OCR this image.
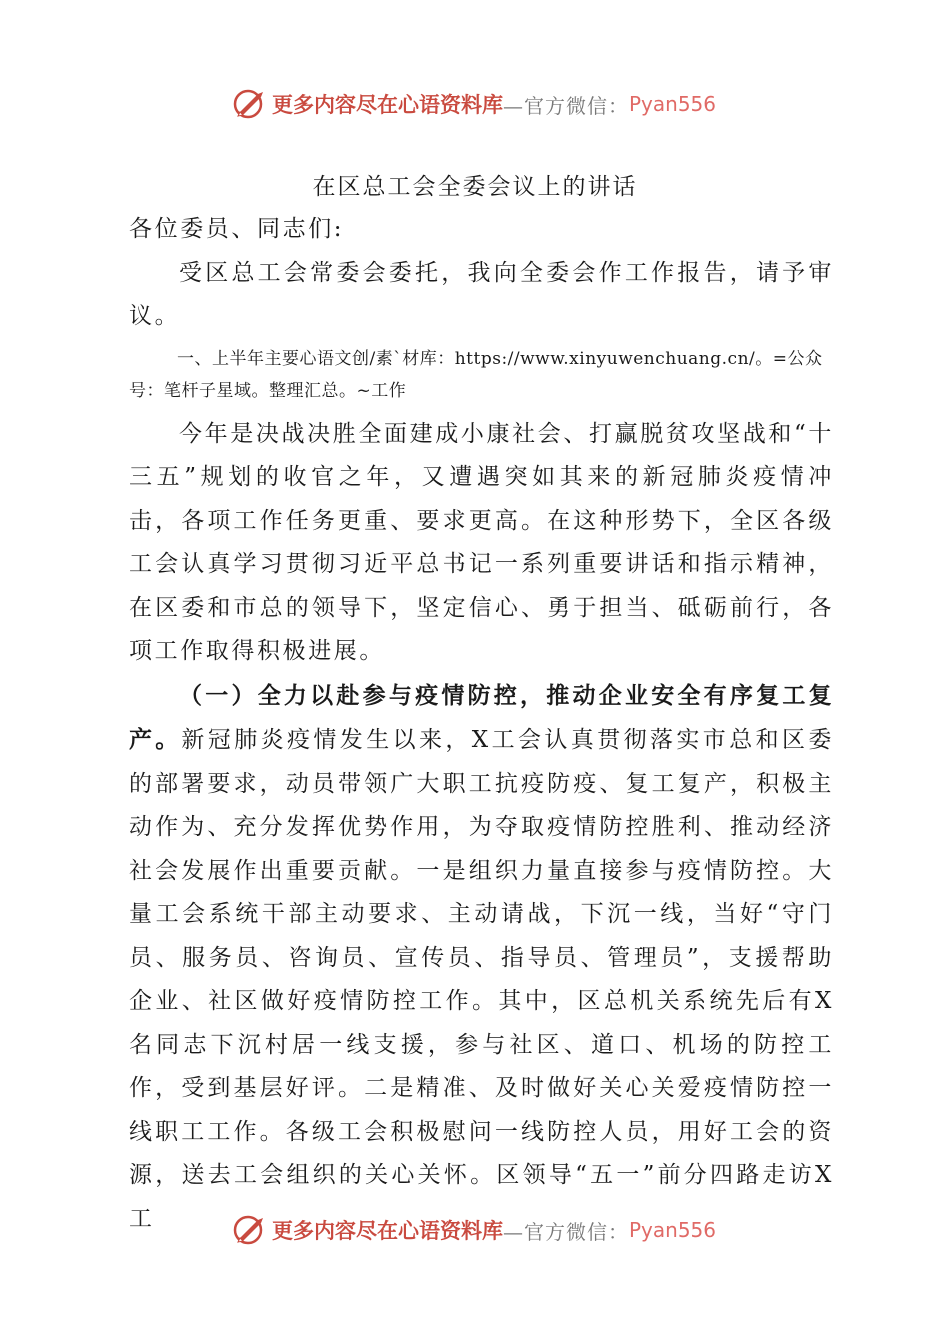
更多内容尽在心语资料库 —官方微信： Pyan556
在区总工会全委会议上的讲话

各位委员、同志们:

受区总工会常委会委托，我向全委会作工作报告，请予审议。

一、上半年主要心语文创/素`材库：https://www.xinyuwenchuang.cn/。=公众号：笔杆子星域。整理汇总。~工作

今年是决战决胜全面建成小康社会、打赢脱贫攻坚战和“十三五”规划的收官之年，又遭遇突如其来的新冠肺炎疫情冲击，各项工作任务更重、要求更高。在这种形势下，全区各级工会认真学习贯彻习近平总书记一系列重要讲话和指示精神，在区委和市总的领导下，坚定信心、勇于担当、砥砺前行，各项工作取得积极进展。

（一）全力以赴参与疫情防控，推动企业安全有序复工复产。新冠肺炎疫情发生以来，X工会认真贯彻落实市总和区委的部署要求，动员带领广大职工抗疫防疫、复工复产，积极主动作为、充分发挥优势作用，为夺取疫情防控胜利、推动经济社会发展作出重要贡献。一是组织力量直接参与疫情防控。大量工会系统干部主动要求、主动请战，下沉一线，当好“守门员、服务员、咨询员、宣传员、指导员、管理员”，支援帮助企业、社区做好疫情防控工作。其中，区总机关系统先后有X名同志下沉村居一线支援，参与社区、道口、机场的防控工作，受到基层好评。二是精准、及时做好关心关爱疫情防控一线职工工作。各级工会积极慰问一线防控人员，用好工会的资源，送去工会组织的关心关怀。区领导“五一”前分四路走访X工	更多内容尽在心语资料库 —官方微信： Pyan556
